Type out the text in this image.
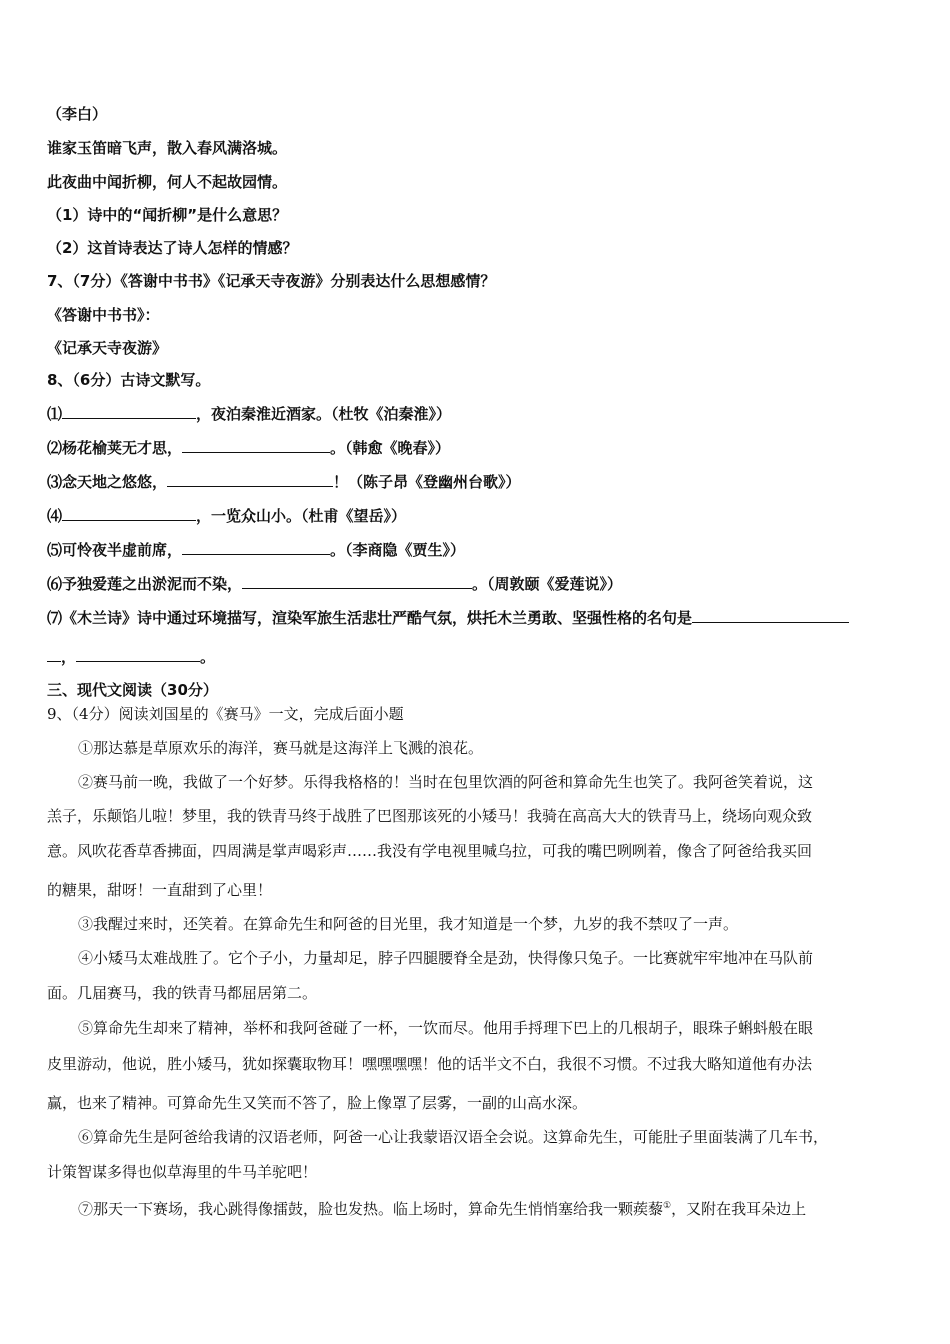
（李白）
谁家玉笛暗飞声，散入春风满洛城。
此夜曲中闻折柳，何人不起故园情。
（1）诗中的“闻折柳”是什么意思？
（2）这首诗表达了诗人怎样的情感？
7、（7分）《答谢中书书》《记承天寺夜游》分别表达什么思想感情？
《答谢中书书》：
《记承天寺夜游》
8、（6分）古诗文默写。
⑴	，夜泊秦淮近酒家。（杜牧《泊秦淮》）
⑵杨花榆荚无才思，	。（韩愈《晚春》）
⑶念天地之悠悠，	！（陈子昂《登幽州台歌》）
⑷	，一览众山小。（杜甫《望岳》）
⑸可怜夜半虚前席，	。（李商隐《贾生》）
⑹予独爱莲之出淤泥而不染，	。（周敦颐《爱莲说》）
⑺《木兰诗》诗中通过环境描写，渲染军旅生活悲壮严酷气氛，烘托木兰勇敢、坚强性格的名句是
，	。
三、现代文阅读（30分）
9、（4分）阅读刘国星的《赛马》一文，完成后面小题
①那达慕是草原欢乐的海洋，赛马就是这海洋上飞溅的浪花。
②赛马前一晚，我做了一个好梦。乐得我格格的！当时在包里饮酒的阿爸和算命先生也笑了。我阿爸笑着说，这
羔子，乐颠馅儿啦！梦里，我的铁青马终于战胜了巴图那该死的小矮马！我骑在高高大大的铁青马上，绕场向观众致
意。风吹花香草香拂面，四周满是掌声喝彩声……我没有学电视里喊乌拉，可我的嘴巴咧咧着，像含了阿爸给我买回
的糖果，甜呀！一直甜到了心里！
③我醒过来时，还笑着。在算命先生和阿爸的目光里，我才知道是一个梦，九岁的我不禁叹了一声。
④小矮马太难战胜了。它个子小，力量却足，脖子四腿腰脊全是劲，快得像只兔子。一比赛就牢牢地冲在马队前
面。几届赛马，我的铁青马都屈居第二。
⑤算命先生却来了精神，举杯和我阿爸碰了一杯，一饮而尽。他用手捋理下巴上的几根胡子，眼珠子蝌蚪般在眼
皮里游动，他说，胜小矮马，犹如探囊取物耳！嘿嘿嘿嘿！他的话半文不白，我很不习惯。不过我大略知道他有办法
赢，也来了精神。可算命先生又笑而不答了，脸上像罩了层雾，一副的山高水深。
⑥算命先生是阿爸给我请的汉语老师，阿爸一心让我蒙语汉语全会说。这算命先生，可能肚子里面装满了几车书，
计策智谋多得也似草海里的牛马羊驼吧！
⑦那天一下赛场，我心跳得像擂鼓，脸也发热。临上场时，算命先生悄悄塞给我一颗蒺藜①，又附在我耳朵边上
